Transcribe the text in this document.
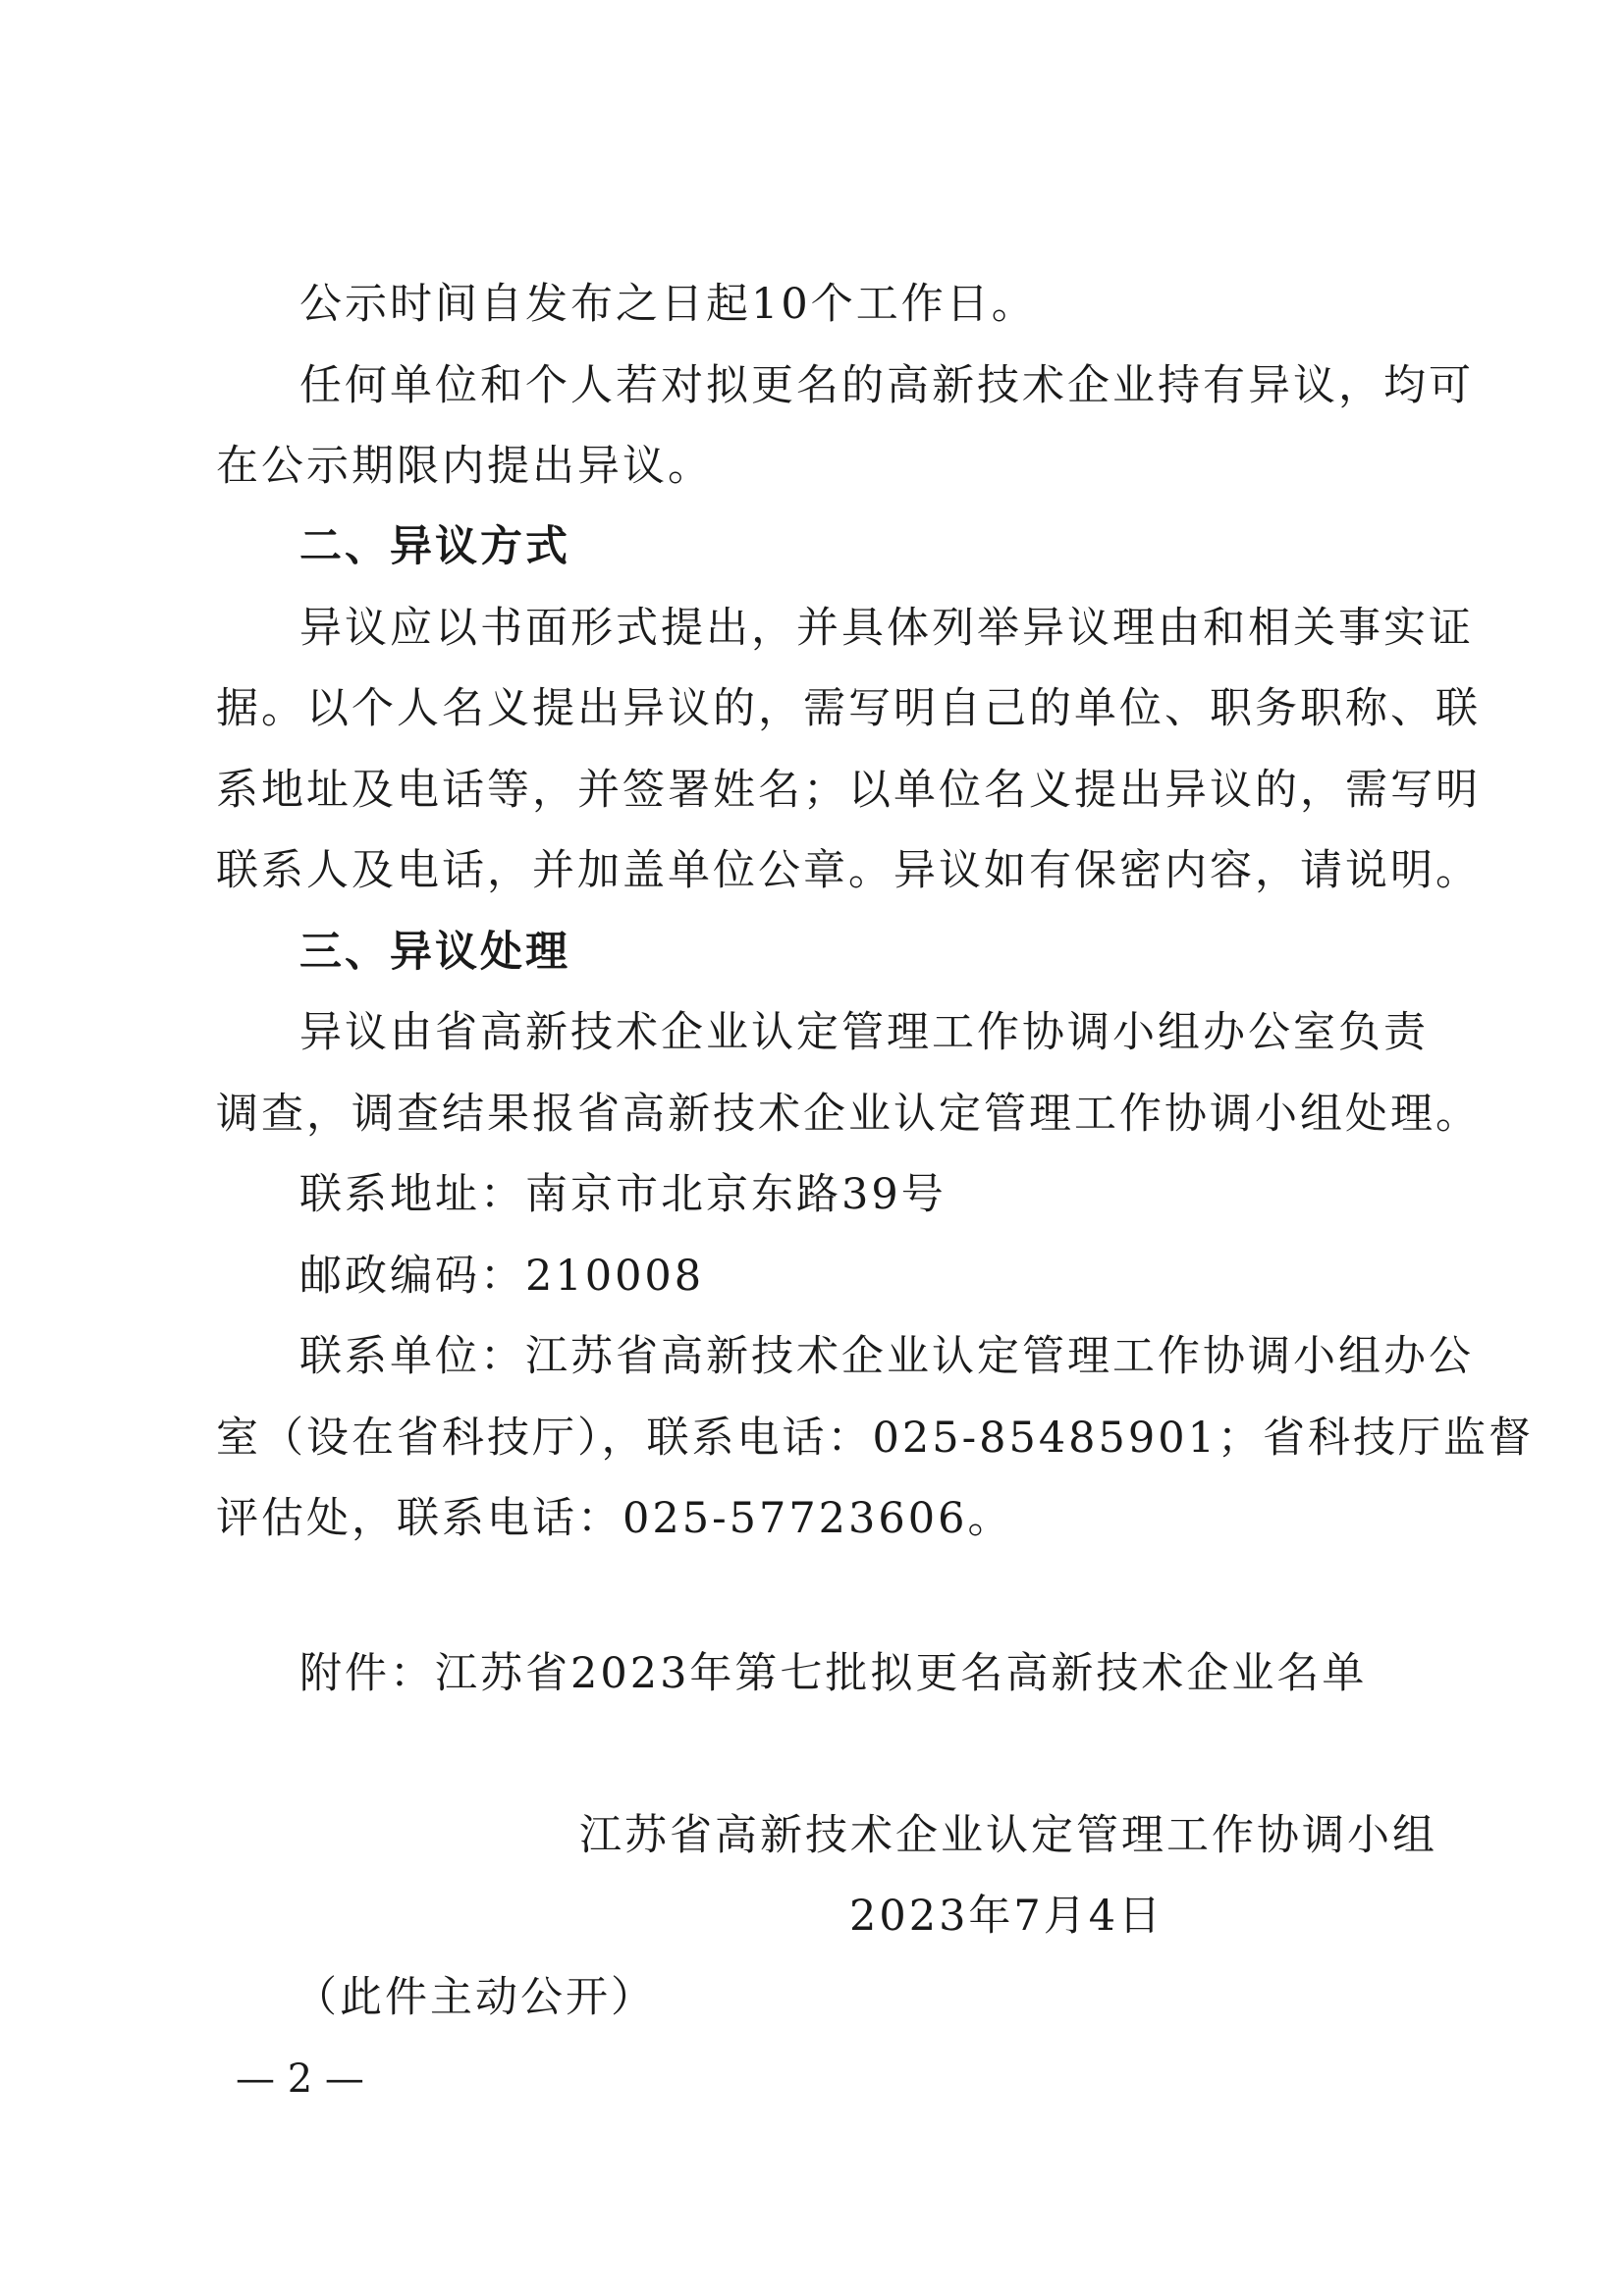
公示时间自发布之日起10个工作日。
任何单位和个人若对拟更名的高新技术企业持有异议，均可
在公示期限内提出异议。
二、异议方式
异议应以书面形式提出，并具体列举异议理由和相关事实证
据。以个人名义提出异议的，需写明自己的单位、职务职称、联
系地址及电话等，并签署姓名；以单位名义提出异议的，需写明
联系人及电话，并加盖单位公章。异议如有保密内容，请说明。
三、异议处理
异议由省高新技术企业认定管理工作协调小组办公室负责
调查，调查结果报省高新技术企业认定管理工作协调小组处理。
联系地址：南京市北京东路39号
邮政编码：210008
联系单位：江苏省高新技术企业认定管理工作协调小组办公
室（设在省科技厅），联系电话：025-85485901；省科技厅监督
评估处，联系电话：025-57723606。
附件：江苏省2023年第七批拟更名高新技术企业名单
江苏省高新技术企业认定管理工作协调小组
2023年7月4日
（此件主动公开）
— 2 —
